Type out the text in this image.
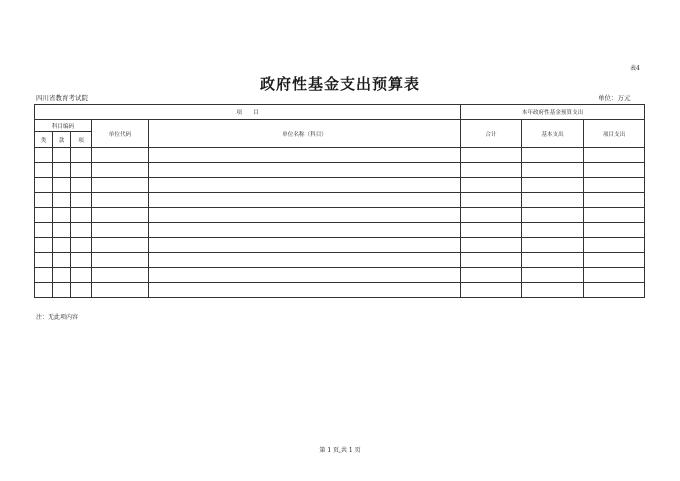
表4
政府性基金支出预算表
四川省教育考试院	单位：万元
项　　目					本年政府性基金预算支出		
科目编码			单位代码	单位名称（科目）	合计	基本支出	项目支出
类	款	项					

注：无此项内容
第 1 页,共 1 页
